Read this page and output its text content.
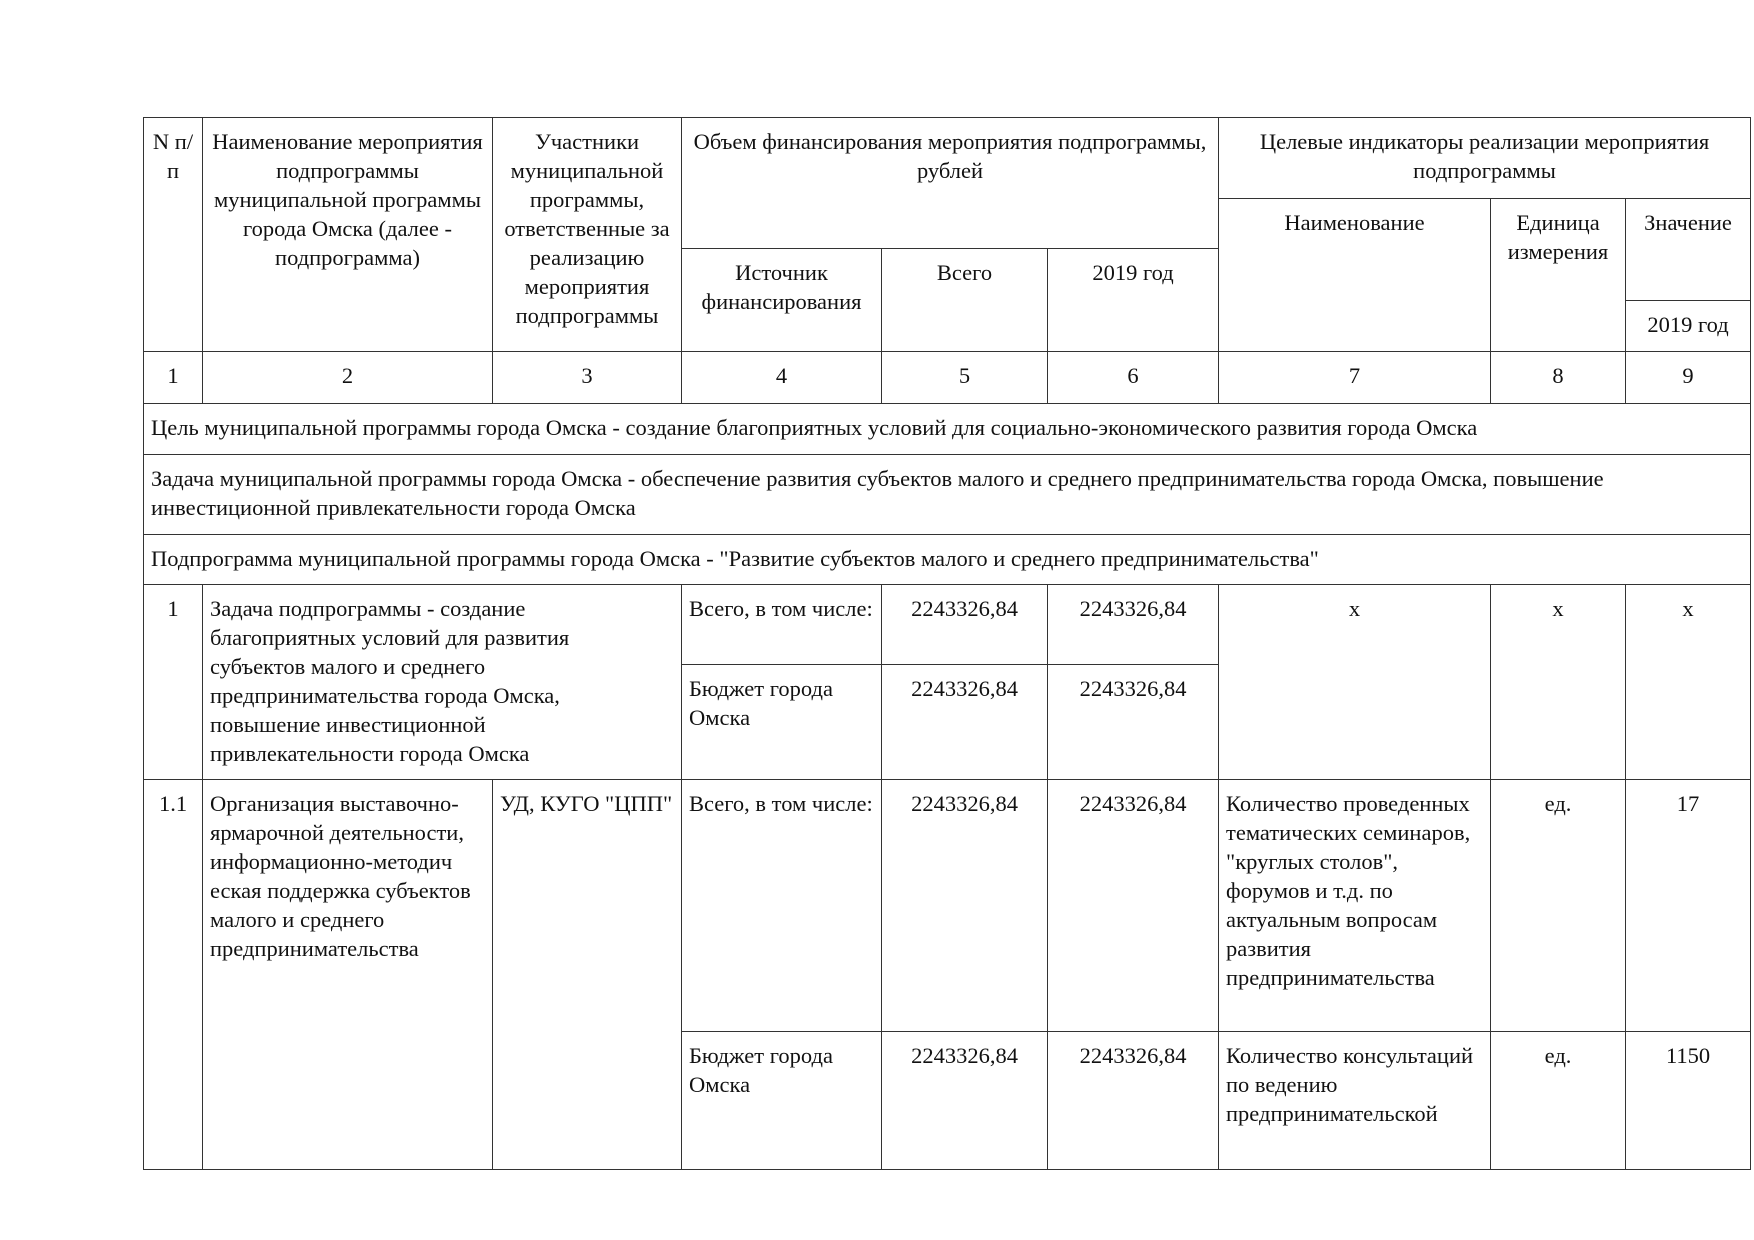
N п/п	Наименование мероприятия подпрограммы муниципальной программы города Омска (далее - подпрограмма)	Участники муниципальной программы, ответственные за реализацию мероприятия подпрограммы	Объем финансирования мероприятия подпрограммы, рублей			Целевые индикаторы реализации мероприятия подпрограммы		
						Наименование	Единица измерения	Значение
			Источник финансирования	Всего	2019 год			
								2019 год
1	2	3	4	5	6	7	8	9
Цель муниципальной программы города Омска - создание благоприятных условий для социально-экономического развития города Омска								
Задача муниципальной программы города Омска - обеспечение развития субъектов малого и среднего предпринимательства города Омска, повышение инвестиционной привлекательности города Омска								
Подпрограмма муниципальной программы города Омска - "Развитие субъектов малого и среднего предпринимательства"								
1	Задача подпрограммы - создание благоприятных условий для развития субъектов малого и среднего предпринимательства города Омска, повышение инвестиционной привлекательности города Омска		Всего, в том числе:	2243326,84	2243326,84	х	х	х
			Бюджет города Омска	2243326,84	2243326,84			
1.1	Организация выставочно-ярмарочной деятельности, информационно-методич еская поддержка субъектов малого и среднего предпринимательства	УД, КУГО "ЦПП"	Всего, в том числе:	2243326,84	2243326,84	Количество проведенных тематических семинаров, "круглых столов", форумов и т.д. по актуальным вопросам развития предпринимательства	ед.	17
			Бюджет города Омска	2243326,84	2243326,84	Количество консультаций по ведению предпринимательской	ед.	1150
